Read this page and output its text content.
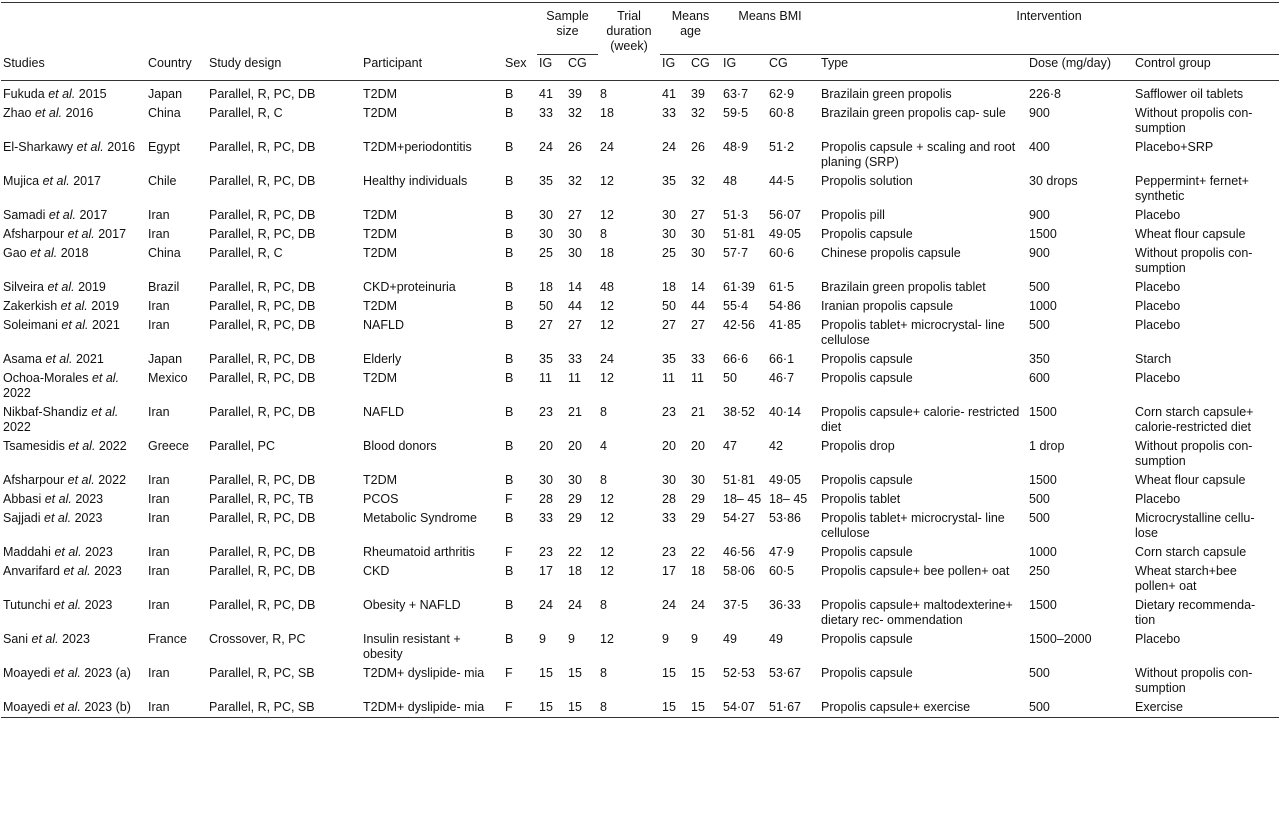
Studies	Country	Study design	Participant	Sex	Sample size		Trial duration (week)	Means age		Means BMI		Intervention		
					IG	CG		IG	CG	IG	CG	Type	Dose (mg/day)	Control group

Fukuda et al. 2015	Japan	Parallel, R, PC, DB	T2DM	B	41	39	8	41	39	63·7	62·9	Brazilain green propolis	226·8	Safflower oil tablets
Zhao et al. 2016	China	Parallel, R, C	T2DM	B	33	32	18	33	32	59·5	60·8	Brazilain green propolis cap- sule	900	Without propolis con- sumption
El-Sharkawy et al. 2016	Egypt	Parallel, R, PC, DB	T2DM+periodontitis	B	24	26	24	24	26	48·9	51·2	Propolis capsule + scaling and root planing (SRP)	400	Placebo+SRP
Mujica et al. 2017	Chile	Parallel, R, PC, DB	Healthy individuals	B	35	32	12	35	32	48	44·5	Propolis solution	30 drops	Peppermint+ fernet+ synthetic
Samadi et al. 2017	Iran	Parallel, R, PC, DB	T2DM	B	30	27	12	30	27	51·3	56·07	Propolis pill	900	Placebo
Afsharpour et al. 2017	Iran	Parallel, R, PC, DB	T2DM	B	30	30	8	30	30	51·81	49·05	Propolis capsule	1500	Wheat flour capsule
Gao et al. 2018	China	Parallel, R, C	T2DM	B	25	30	18	25	30	57·7	60·6	Chinese propolis capsule	900	Without propolis con- sumption
Silveira et al. 2019	Brazil	Parallel, R, PC, DB	CKD+proteinuria	B	18	14	48	18	14	61·39	61·5	Brazilain green propolis tablet	500	Placebo
Zakerkish et al. 2019	Iran	Parallel, R, PC, DB	T2DM	B	50	44	12	50	44	55·4	54·86	Iranian propolis capsule	1000	Placebo
Soleimani et al. 2021	Iran	Parallel, R, PC, DB	NAFLD	B	27	27	12	27	27	42·56	41·85	Propolis tablet+ microcrystal- line cellulose	500	Placebo
Asama et al. 2021	Japan	Parallel, R, PC, DB	Elderly	B	35	33	24	35	33	66·6	66·1	Propolis capsule	350	Starch
Ochoa-Morales et al. 2022	Mexico	Parallel, R, PC, DB	T2DM	B	11	11	12	11	11	50	46·7	Propolis capsule	600	Placebo
Nikbaf-Shandiz et al. 2022	Iran	Parallel, R, PC, DB	NAFLD	B	23	21	8	23	21	38·52	40·14	Propolis capsule+ calorie- restricted diet	1500	Corn starch capsule+ calorie-restricted diet
Tsamesidis et al. 2022	Greece	Parallel, PC	Blood donors	B	20	20	4	20	20	47	42	Propolis drop	1 drop	Without propolis con- sumption
Afsharpour et al. 2022	Iran	Parallel, R, PC, DB	T2DM	B	30	30	8	30	30	51·81	49·05	Propolis capsule	1500	Wheat flour capsule
Abbasi et al. 2023	Iran	Parallel, R, PC, TB	PCOS	F	28	29	12	28	29	18– 45	18– 45	Propolis tablet	500	Placebo
Sajjadi et al. 2023	Iran	Parallel, R, PC, DB	Metabolic Syndrome	B	33	29	12	33	29	54·27	53·86	Propolis tablet+ microcrystal- line cellulose	500	Microcrystalline cellu- lose
Maddahi et al. 2023	Iran	Parallel, R, PC, DB	Rheumatoid arthritis	F	23	22	12	23	22	46·56	47·9	Propolis capsule	1000	Corn starch capsule
Anvarifard et al. 2023	Iran	Parallel, R, PC, DB	CKD	B	17	18	12	17	18	58·06	60·5	Propolis capsule+ bee pollen+ oat	250	Wheat starch+bee pollen+ oat
Tutunchi et al. 2023	Iran	Parallel, R, PC, DB	Obesity + NAFLD	B	24	24	8	24	24	37·5	36·33	Propolis capsule+ maltodexterine+ dietary rec- ommendation	1500	Dietary recommenda- tion
Sani et al. 2023	France	Crossover, R, PC	Insulin resistant + obesity	B	9	9	12	9	9	49	49	Propolis capsule	1500–2000	Placebo
Moayedi et al. 2023 (a)	Iran	Parallel, R, PC, SB	T2DM+ dyslipide- mia	F	15	15	8	15	15	52·53	53·67	Propolis capsule	500	Without propolis con- sumption
Moayedi et al. 2023 (b)	Iran	Parallel, R, PC, SB	T2DM+ dyslipide- mia	F	15	15	8	15	15	54·07	51·67	Propolis capsule+ exercise	500	Exercise
